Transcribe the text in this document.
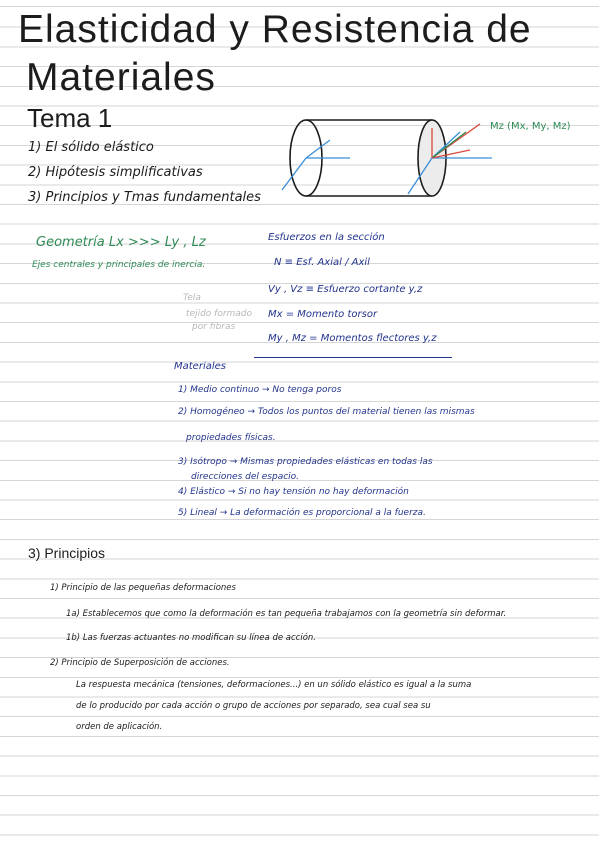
Elasticidad y Resistencia de
Materiales
Tema 1
1) El sólido elástico
2) Hipótesis simplificativas
3) Principios y Tmas fundamentales
Mz (Mx, My, Mz)
Geometría Lx >>> Ly , Lz
Ejes centrales y principales de inercia.
Tela
tejido formado
por fibras
Esfuerzos en la sección
N ≡ Esf. Axial / Axil
Vy , Vz ≡ Esfuerzo cortante y,z
Mx = Momento torsor
My , Mz = Momentos flectores y,z
Materiales
1) Medio continuo → No tenga poros
2) Homogéneo → Todos los puntos del material tienen las mismas
propiedades físicas.
3) Isótropo → Mismas propiedades elásticas en todas las
direcciones del espacio.
4) Elástico → Si no hay tensión no hay deformación
5) Lineal → La deformación es proporcional a la fuerza.
3) Principios
1) Principio de las pequeñas deformaciones
1a) Establecemos que como la deformación es tan pequeña trabajamos con la geometría sin deformar.
1b) Las fuerzas actuantes no modifican su línea de acción.
2) Principio de Superposición de acciones.
La respuesta mecánica (tensiones, deformaciones...) en un sólido elástico es igual a la suma
de lo producido por cada acción o grupo de acciones por separado, sea cual sea su
orden de aplicación.
